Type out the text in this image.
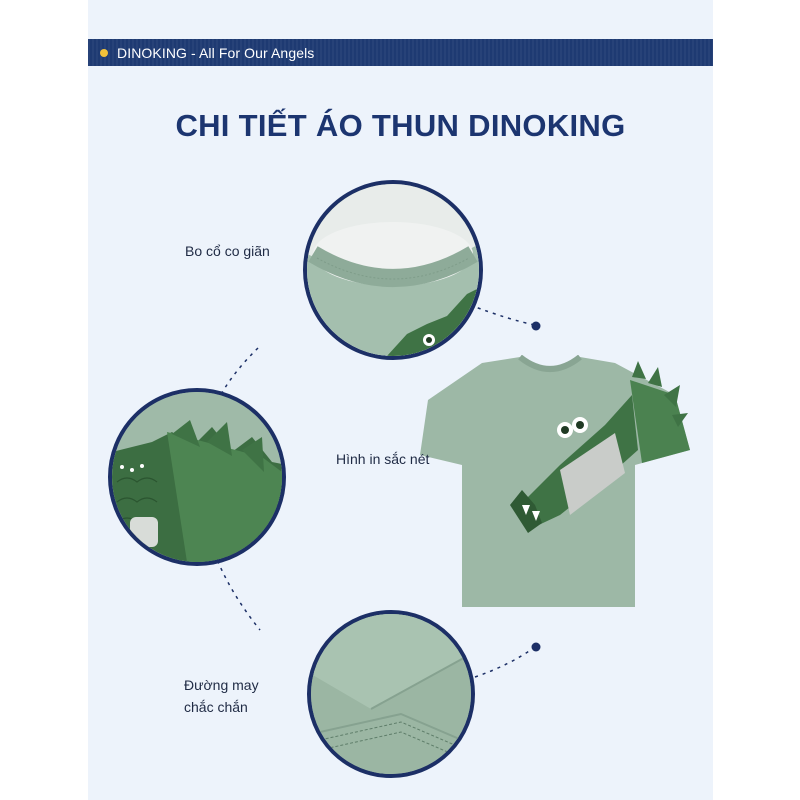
DINOKING - All For Our Angels
CHI TIẾT ÁO THUN DINOKING
Bo cổ co giãn
Hình in sắc nét
Đường may
chắc chắn
